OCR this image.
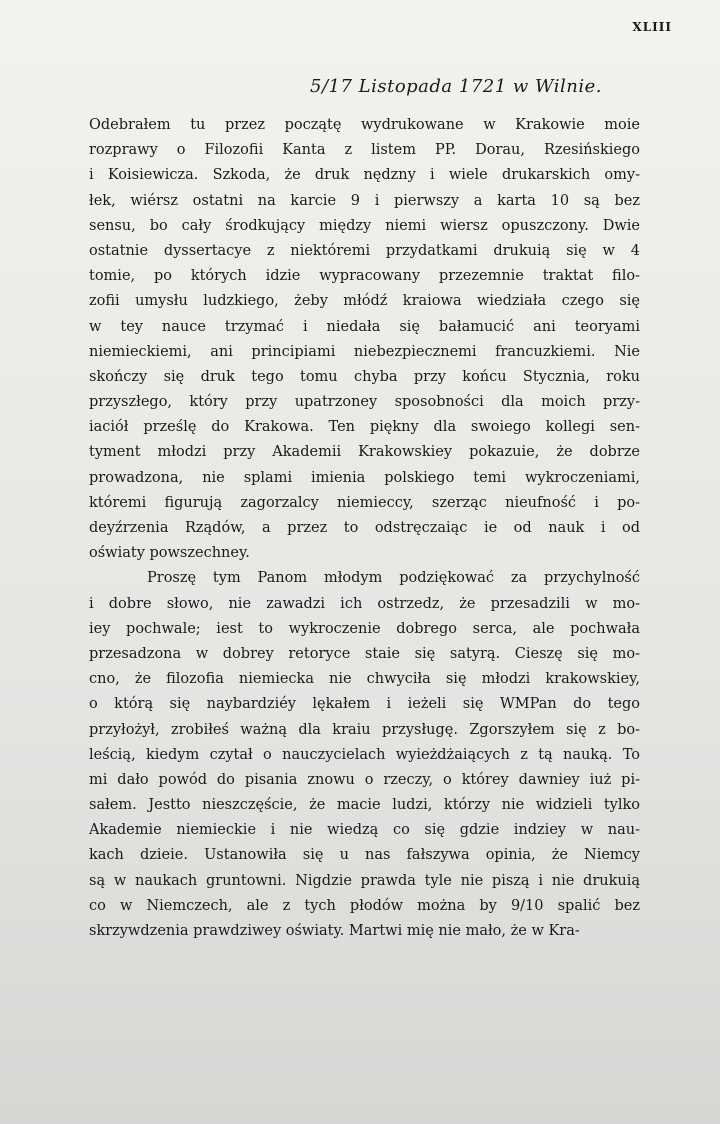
XLIII
5/17 Listopada 1721 w Wilnie.
Odebrałem tu przez początę wydrukowane w Krakowie moie
rozprawy o Filozofii Kanta z listem PP. Dorau, Rzesińskiego
i Koisiewicza. Szkoda, że druk nędzny i wiele drukarskich omy-
łek, wiérsz ostatni na karcie 9 i pierwszy a karta 10 są bez
sensu, bo cały środkujący między niemi wiersz opuszczony. Dwie
ostatnie dyssertacye z niektóremi przydatkami drukuią się w 4
tomie, po których idzie wypracowany przezemnie traktat filo-
zofii umysłu ludzkiego, żeby młódź kraiowa wiedziała czego się
w tey nauce trzymać i niedała się bałamucić ani teoryami
niemieckiemi, ani principiami niebezpiecznemi francuzkiemi. Nie
skończy się druk tego tomu chyba przy końcu Stycznia, roku
przyszłego, który przy upatrzoney sposobności dla moich przy-
iaciół prześlę do Krakowa. Ten piękny dla swoiego kollegi sen-
tyment młodzi przy Akademii Krakowskiey pokazuie, że dobrze
prowadzona, nie splami imienia polskiego temi wykroczeniami,
któremi figurują zagorzalcy niemieccy, szerząc nieufność i po-
deyźrzenia Rządów, a przez to odstręczaiąc ie od nauk i od
oświaty powszechney.
Proszę tym Panom młodym podziękować za przychylność
i dobre słowo, nie zawadzi ich ostrzedz, że przesadzili w mo-
iey pochwale; iest to wykroczenie dobrego serca, ale pochwała
przesadzona w dobrey retoryce staie się satyrą. Cieszę się mo-
cno, że filozofia niemiecka nie chwyciła się młodzi krakowskiey,
o którą się naybardziéy lękałem i ieżeli się WMPan do tego
przyłożył, zrobiłeś ważną dla kraiu przysługę. Zgorszyłem się z bo-
leścią, kiedym czytał o nauczycielach wyieżdżaiących z tą nauką. To
mi dało powód do pisania znowu o rzeczy, o którey dawniey iuż pi-
sałem. Jestto nieszczęście, że macie ludzi, którzy nie widzieli tylko
Akademie niemieckie i nie wiedzą co się gdzie indziey w nau-
kach dzieie. Ustanowiła się u nas fałszywa opinia, że Niemcy
są w naukach gruntowni. Nigdzie prawda tyle nie piszą i nie drukuią
co w Niemczech, ale z tych płodów można by 9/10 spalić bez
skrzywdzenia prawdziwey oświaty. Martwi mię nie mało, że w Kra-
